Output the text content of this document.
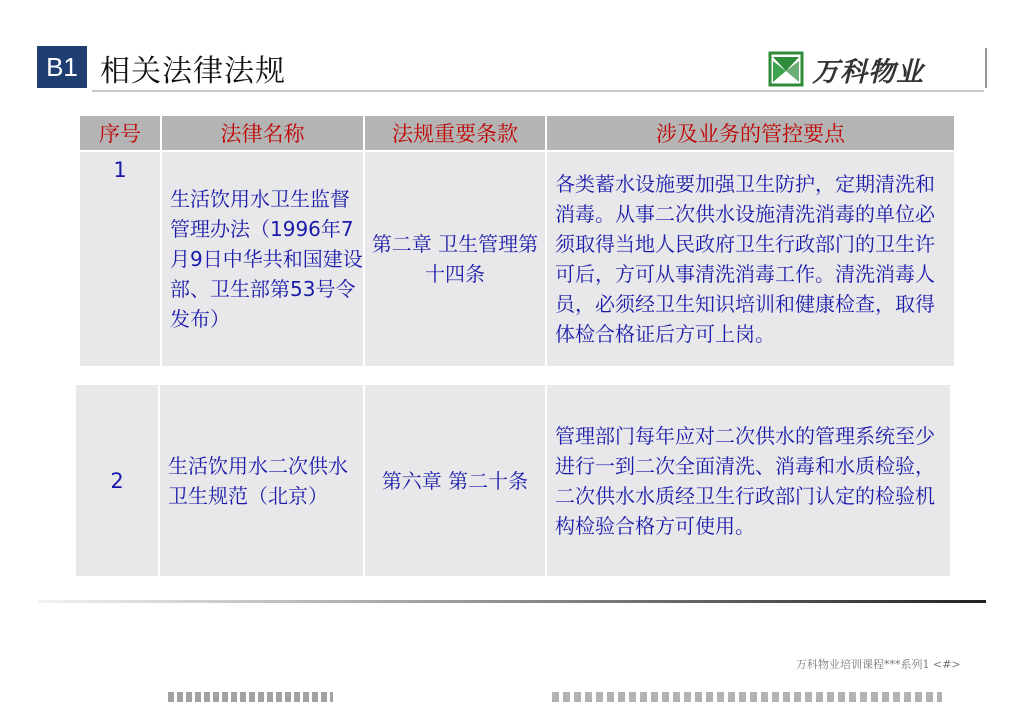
B1 相关法律法规	万科物业
序号	法律名称	法规重要条款	涉及业务的管控要点
1	生活饮用水卫生监督管理办法（1996年7月9日中华共和国建设部、卫生部第53号令发布）	第二章 卫生管理第十四条	各类蓄水设施要加强卫生防护，定期清洗和消毒。从事二次供水设施清洗消毒的单位必须取得当地人民政府卫生行政部门的卫生许可后，方可从事清洗消毒工作。清洗消毒人员，必须经卫生知识培训和健康检查，取得体检合格证后方可上岗。
2	生活饮用水二次供水卫生规范（北京）	第六章 第二十条	管理部门每年应对二次供水的管理系统至少进行一到二次全面清洗、消毒和水质检验，二次供水水质经卫生行政部门认定的检验机构检验合格方可使用。
万科物业培训课程***系列1 <#>
